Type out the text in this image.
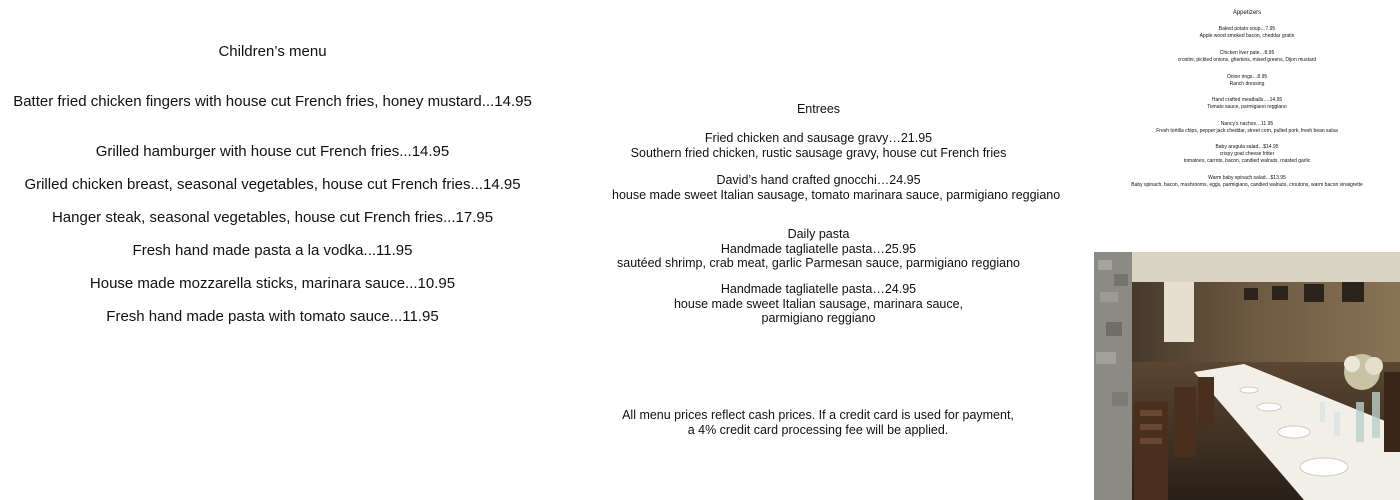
Children’s menu
Batter fried chicken fingers with house cut French fries, honey mustard...14.95
Grilled hamburger with house cut French fries...14.95
Grilled chicken breast, seasonal vegetables, house cut French fries...14.95
Hanger steak, seasonal vegetables, house cut French fries...17.95
Fresh hand made pasta a la vodka...11.95
House made mozzarella sticks, marinara sauce...10.95
Fresh hand made pasta with tomato sauce...11.95
Entrees
Fried chicken and sausage gravy…21.95
Southern fried chicken, rustic sausage gravy, house cut French fries
David’s hand crafted gnocchi…24.95
house made sweet Italian sausage, tomato marinara sauce, parmigiano reggiano
Daily pasta
Handmade tagliatelle pasta…25.95
sautéed shrimp, crab meat, garlic Parmesan sauce, parmigiano reggiano
Handmade tagliatelle pasta…24.95
house made sweet Italian sausage, marinara sauce,
parmigiano reggiano
All menu prices reflect cash prices. If a credit card is used for payment, a 4% credit card processing fee will be applied.
Appetizers
Baked potato soup…7.95
Apple wood smoked bacon, cheddar gratin
Chicken liver pate…8.95
crostini, pickled onions, gherkins, mixed greens, Dijon mustard
Onion rings…8.95
Ranch dressing
Hand crafted meatballs….14.95
Tomato sauce, parmigiano reggiano
Nancy’s nachos…11.95
Fresh tortilla chips, pepper jack cheddar, street corn, pulled pork, fresh bean salsa
Baby arugula salad…$14.95
crispy goat cheese fritter
tomatoes, carrots, bacon, candied walnuts, roasted garlic
Warm baby spinach salad…$13.95
Baby spinach, bacon, mushrooms, eggs, parmigiano, candied walnuts, croutons, warm bacon vinaigrette
